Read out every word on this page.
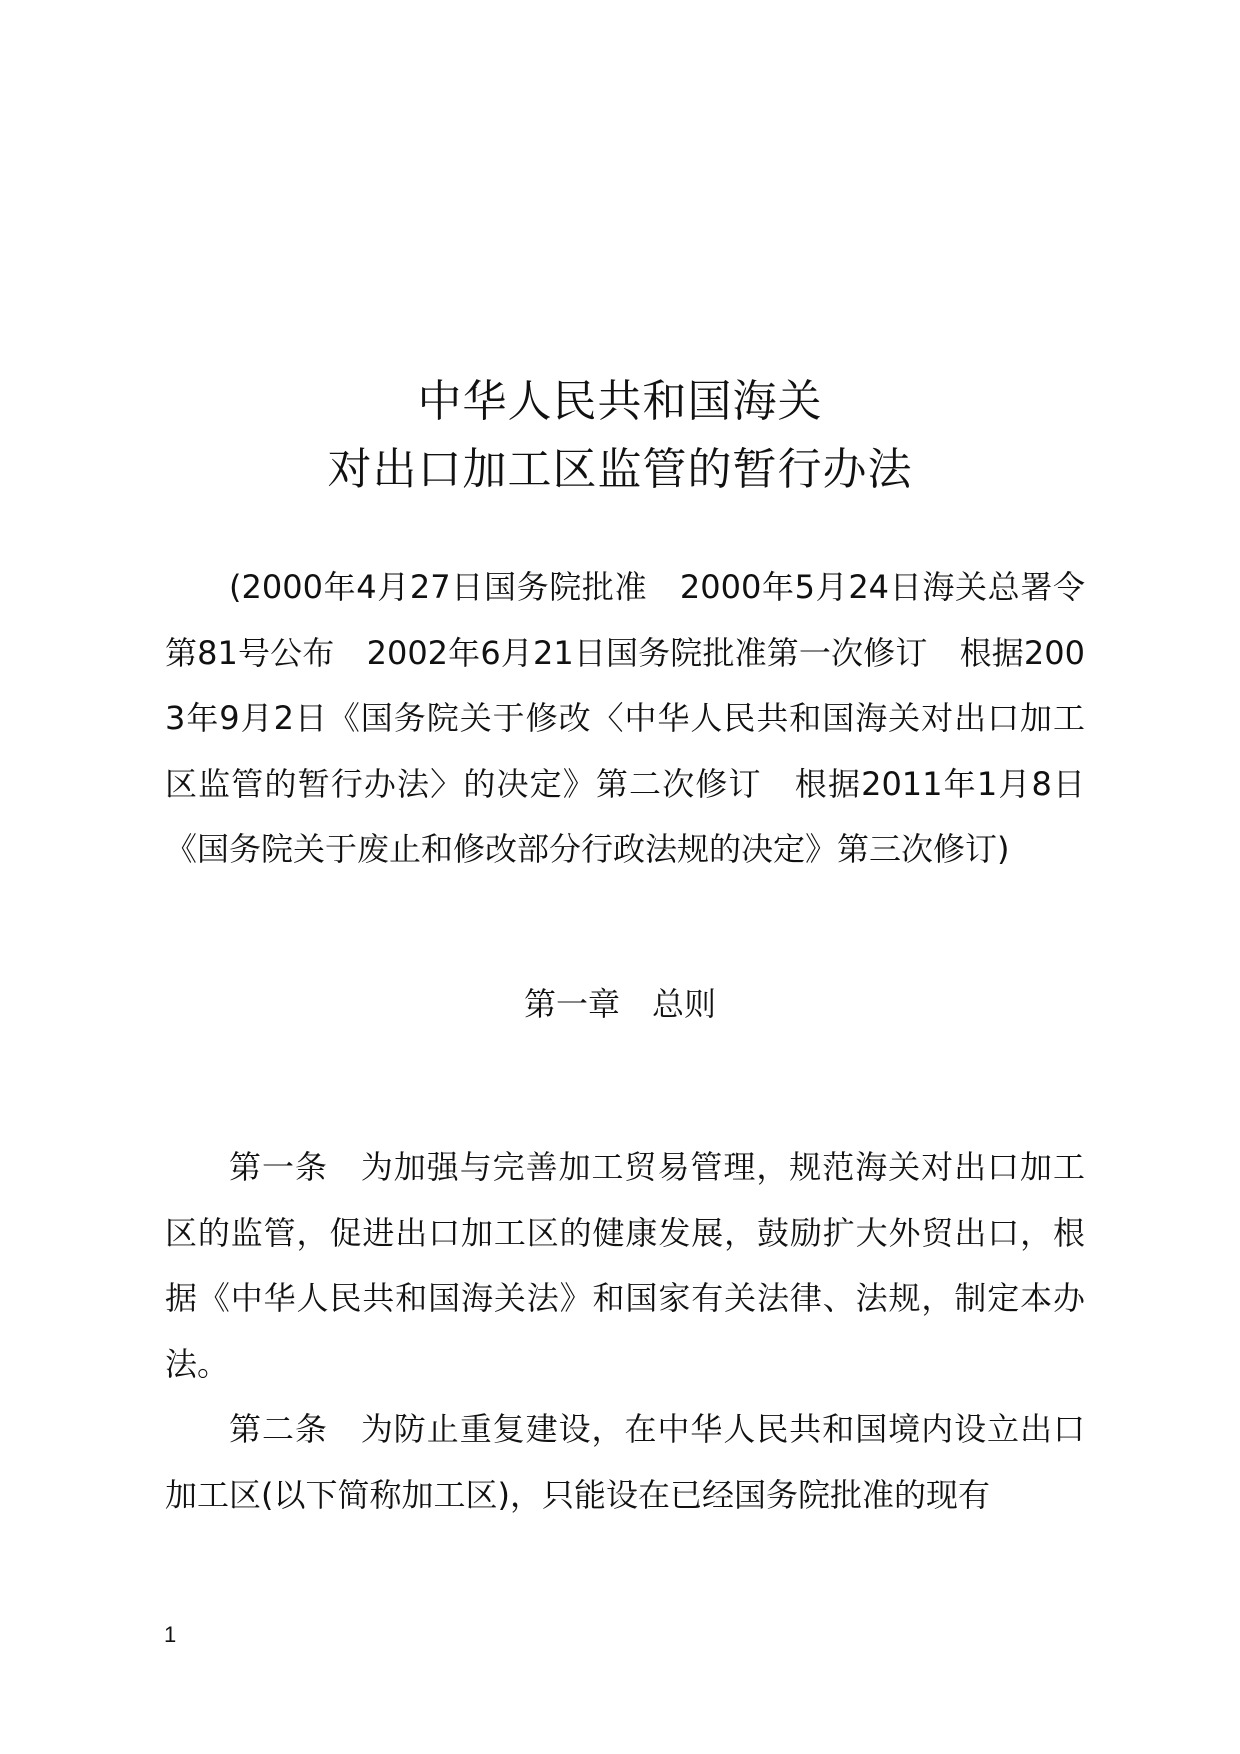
中华人民共和国海关
对出口加工区监管的暂行办法
(2000年4月27日国务院批准　2000年5月24日海关总署令第81号公布　2002年6月21日国务院批准第一次修订　根据2003年9月2日《国务院关于修改〈中华人民共和国海关对出口加工区监管的暂行办法〉的决定》第二次修订　根据2011年1月8日《国务院关于废止和修改部分行政法规的决定》第三次修订)
第一章　总则

第一条　为加强与完善加工贸易管理，规范海关对出口加工区的监管，促进出口加工区的健康发展，鼓励扩大外贸出口，根据《中华人民共和国海关法》和国家有关法律、法规，制定本办法。

第二条　为防止重复建设，在中华人民共和国境内设立出口加工区(以下简称加工区)，只能设在已经国务院批准的现有

1
